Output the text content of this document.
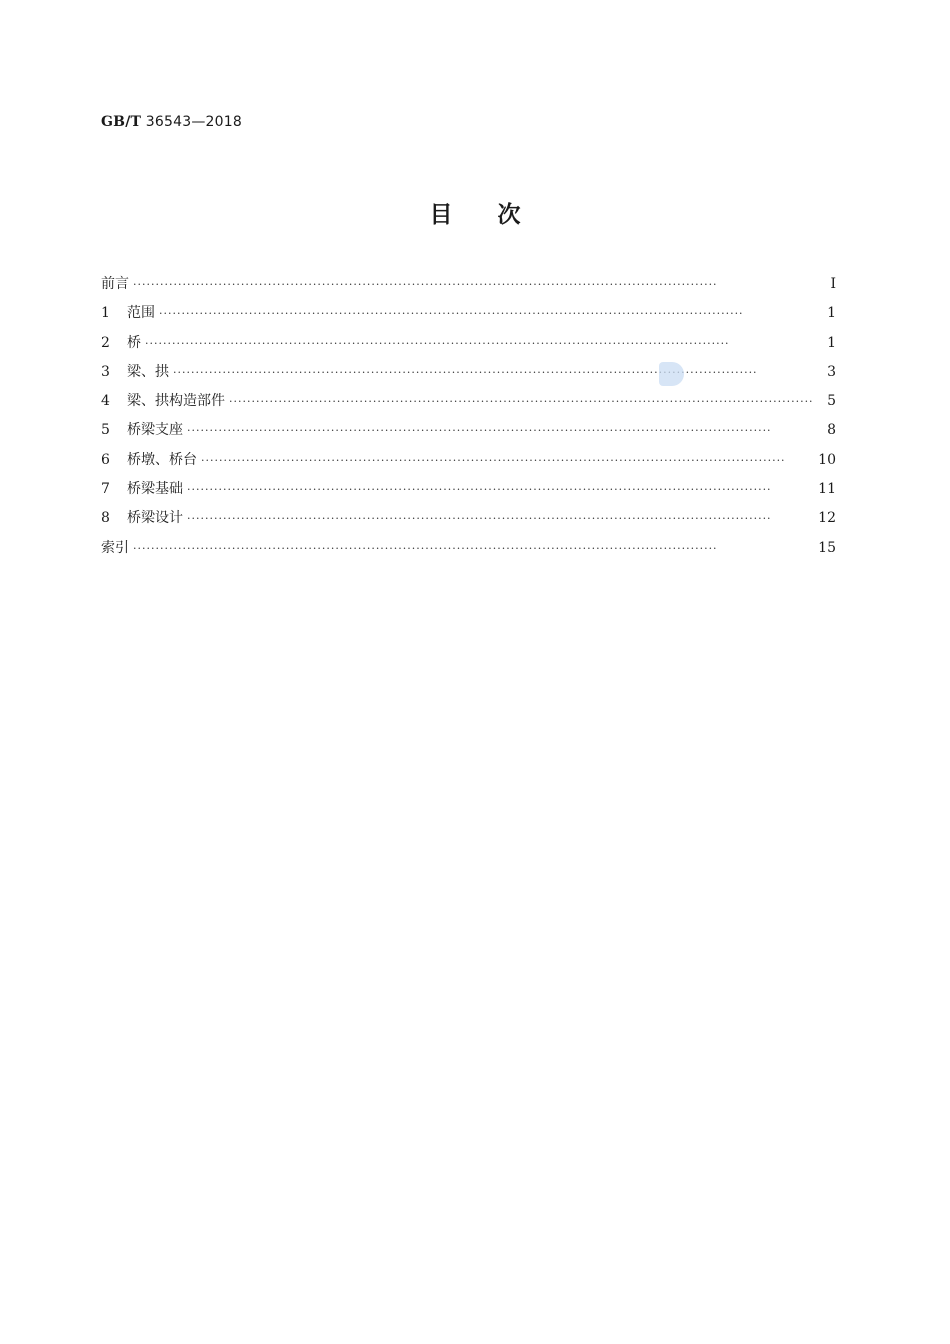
GB/T 36543—2018
目次
前言 ·····	Ⅰ
1	范围 ·····	1
2	桥 ·····	1
3	梁、拱 ·····	3
4	梁、拱构造部件 ·····	5
5	桥梁支座 ·····	8
6	桥墩、桥台 ·····	10
7	桥梁基础 ·····	11
8	桥梁设计 ·····	12
索引 ·····	15
